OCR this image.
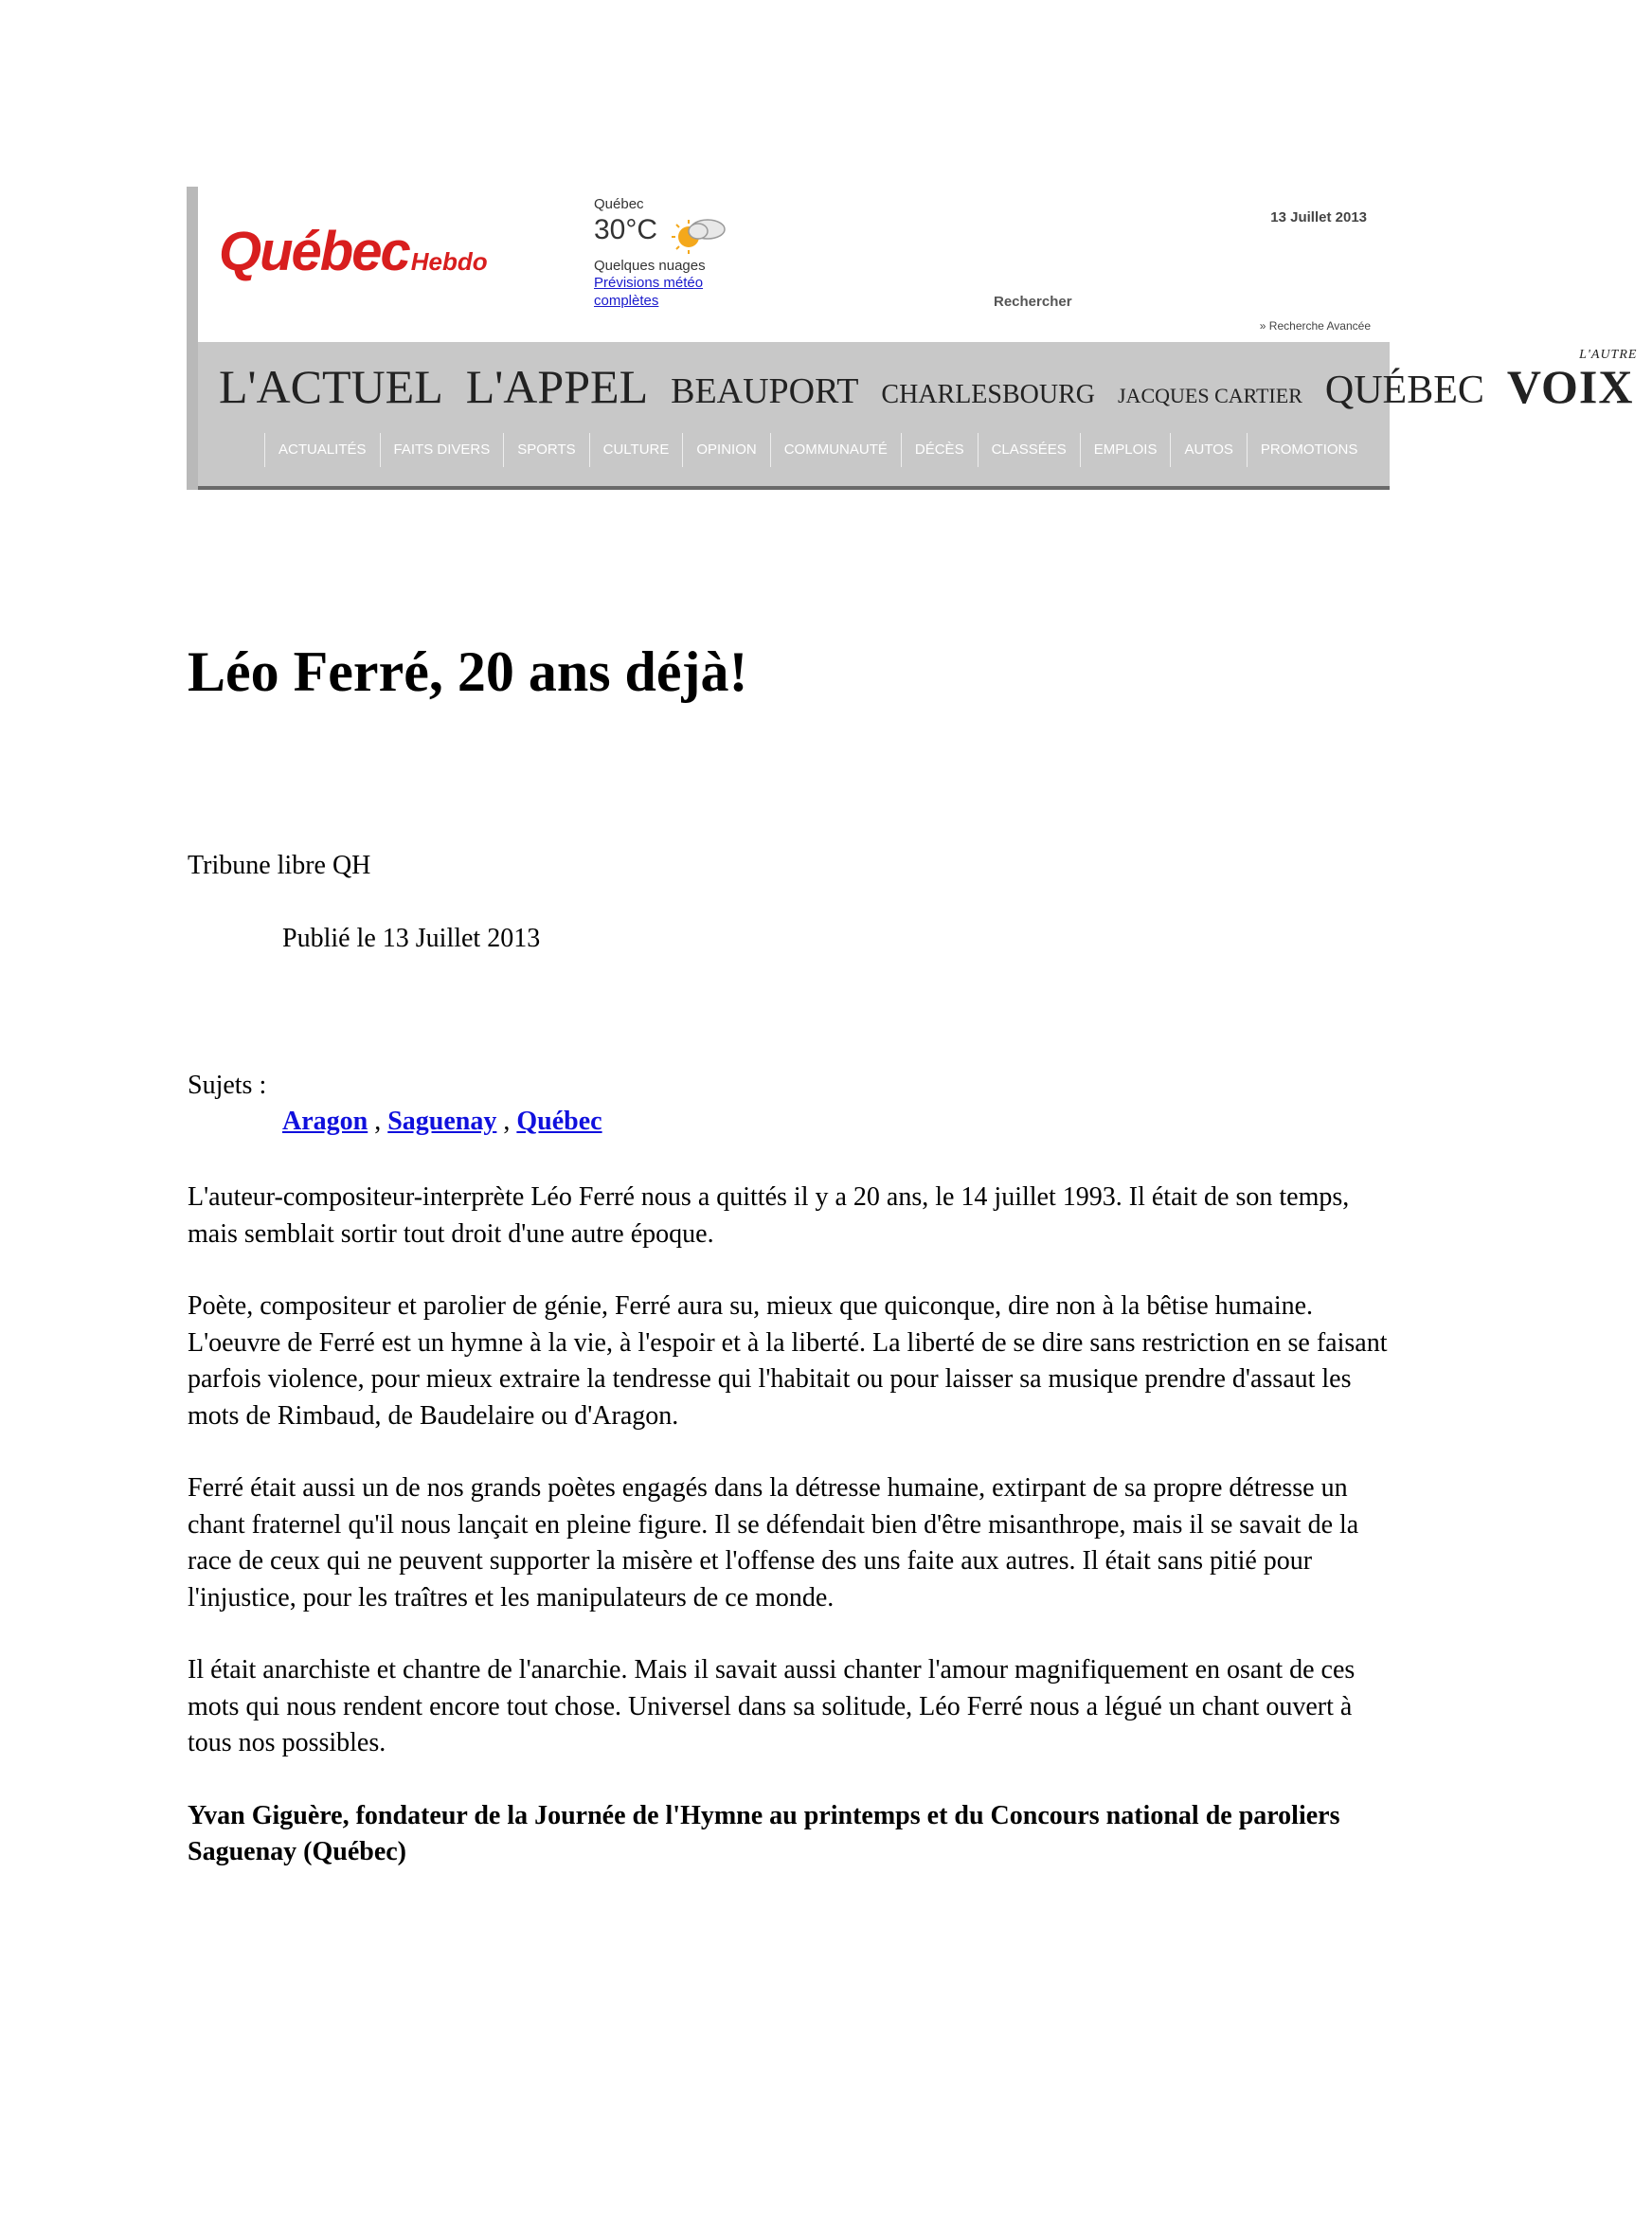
QuébecHebdo
Québec
30°C
Quelques nuages
Prévisions météo complètes
13 Juillet 2013
Rechercher
» Recherche Avancée
L'ACTUEL L'APPEL BEAUPORT CHARLESBOURG JACQUES CARTIER QUÉBEC
L'AUTRE
VOIX
ACTUALITÉS	FAITS DIVERS	SPORTS	CULTURE	OPINION	COMMUNAUTÉ	DÉCÈS	CLASSÉES	EMPLOIS	AUTOS	PROMOTIONS
Léo Ferré, 20 ans déjà!
Tribune libre QH
Publié le 13 Juillet 2013
Sujets :
Aragon , Saguenay , Québec

L'auteur-compositeur-interprète Léo Ferré nous a quittés il y a 20 ans, le 14 juillet 1993. Il était de son temps, mais semblait sortir tout droit d'une autre époque.

Poète, compositeur et parolier de génie, Ferré aura su, mieux que quiconque, dire non à la bêtise humaine. L'oeuvre de Ferré est un hymne à la vie, à l'espoir et à la liberté. La liberté de se dire sans restriction en se faisant parfois violence, pour mieux extraire la tendresse qui l'habitait ou pour laisser sa musique prendre d'assaut les mots de Rimbaud, de Baudelaire ou d'Aragon.

Ferré était aussi un de nos grands poètes engagés dans la détresse humaine, extirpant de sa propre détresse un chant fraternel qu'il nous lançait en pleine figure. Il se défendait bien d'être misanthrope, mais il se savait de la race de ceux qui ne peuvent supporter la misère et l'offense des uns faite aux autres. Il était sans pitié pour l'injustice, pour les traîtres et les manipulateurs de ce monde.

Il était anarchiste et chantre de l'anarchie. Mais il savait aussi chanter l'amour magnifiquement en osant de ces mots qui nous rendent encore tout chose. Universel dans sa solitude, Léo Ferré nous a légué un chant ouvert à tous nos possibles.

Yvan Giguère, fondateur de la Journée de l'Hymne au printemps et du Concours national de paroliers Saguenay (Québec)
